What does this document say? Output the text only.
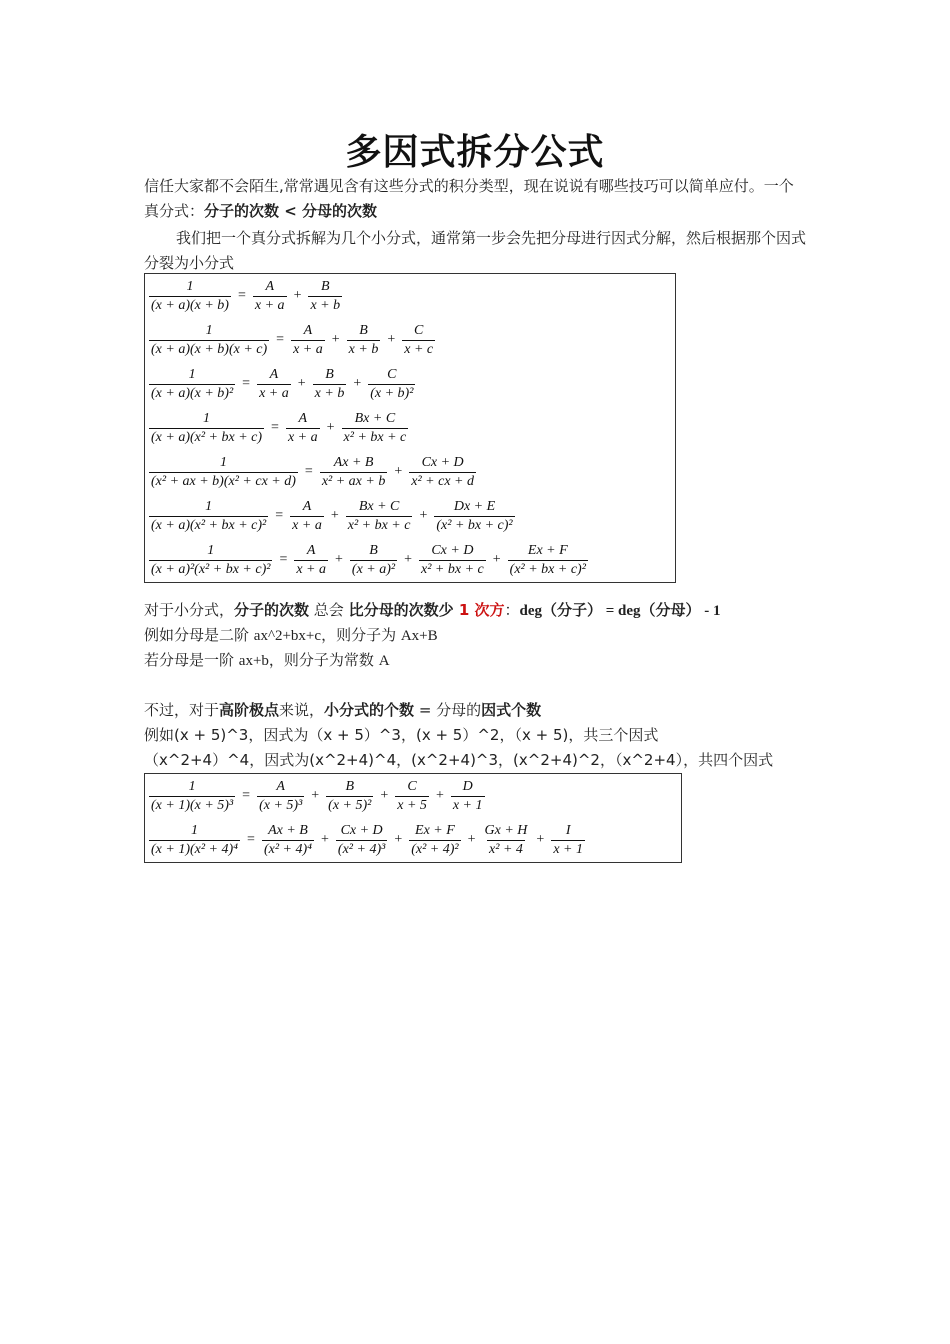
多因式拆分公式

信任大家都不会陌生,常常遇见含有这些分式的积分类型，现在说说有哪些技巧可以简单应付。一个真分式：分子的次数 < 分母的次数

我们把一个真分式拆解为几个小分式，通常第一步会先把分母进行因式分解，然后根据那个因式分裂为小分式

$\frac{1}{(x + a)(x + b)} = \frac{A}{x + a} + \frac{B}{x + b}$
$\frac{1}{(x + a)(x + b)(x + c)} = \frac{A}{x + a} + \frac{B}{x + b} + \frac{C}{x + c}$
$\frac{1}{\text{(x + a)(x + b)²}} = \frac{A}{x + a} + \frac{B}{x + b} + \frac{C}{\text{(x + b)²}}$
$\frac{1}{\text{(x + a)(x² + bx + c)}} = \frac{A}{x + a} + \frac{Bx + C}{\text{x² + bx + c}}$
$\frac{1}{\text{(x² + ax + b)(x² + cx + d)}} = \frac{Ax + B}{\text{x² + ax + b}} + \frac{Cx + D}{\text{x² + cx + d}}$
$\frac{1}{\text{(x + a)(x² + bx + c)²}} = \frac{A}{x + a} + \frac{Bx + C}{\text{x² + bx + c}} + \frac{Dx + E}{\text{(x² + bx + c)²}}$
$\frac{1}{\text{(x + a)²(x² + bx + c)²}} = \frac{A}{x + a} + \frac{B}{\text{(x + a)²}} + \frac{Cx + D}{\text{x² + bx + c}} + \frac{Ex + F}{\text{(x² + bx + c)²}}$

对于小分式，分子的次数 总会 比分母的次数少 1 次方：deg（分子） = deg（分母） - 1

例如分母是二阶 ax^2+bx+c，则分子为 Ax+B

若分母是一阶 ax+b，则分子为常数 A

不过，对于高阶极点来说，小分式的个数 = 分母的因式个数

例如(x + 5)^3，因式为（x + 5）^3，(x + 5）^2，（x + 5)，共三个因式

（x^2+4）^4，因式为(x^2+4)^4，(x^2+4)^3，(x^2+4)^2，（x^2+4），共四个因式

$\frac{1}{\text{(x + 1)(x + 5)³}} = \frac{A}{\text{(x + 5)³}} + \frac{B}{\text{(x + 5)²}} + \frac{C}{x + 5} + \frac{D}{x + 1}$
$\frac{1}{\text{(x + 1)(x² + 4)⁴}} = \frac{Ax + B}{\text{(x² + 4)⁴}} + \frac{Cx + D}{\text{(x² + 4)³}} + \frac{Ex + F}{\text{(x² + 4)²}} + \frac{Gx + H}{\text{x² + 4}} + \frac{I}{x + 1}$
